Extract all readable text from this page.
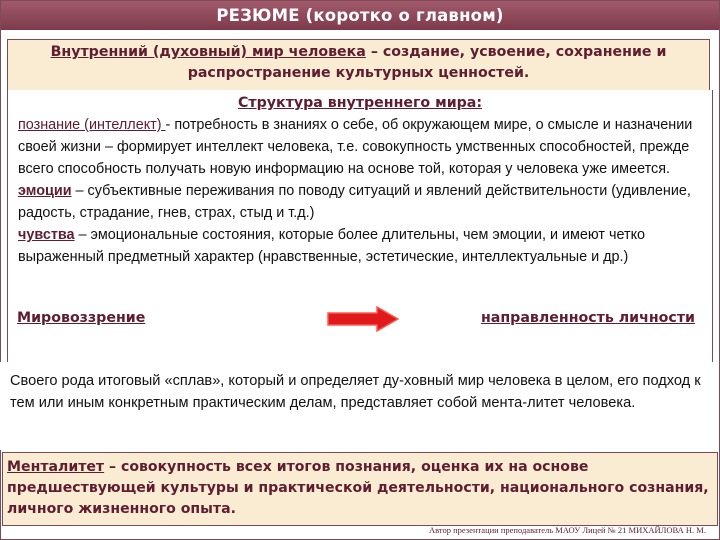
РЕЗЮМЕ (коротко о главном)
Внутренний (духовный) мир человека – создание, усвоение, сохранение и распространение культурных ценностей.
Структура внутреннего мира:
познание (интеллект) - потребность в знаниях о себе, об окружающем мире, о смысле и назначении своей жизни – формирует интеллект человека, т.е. совокупность умственных способностей, прежде всего способность получать новую информацию на основе той, которая у человека уже имеется.
эмоции – субъективные переживания по поводу ситуаций и явлений действительности (удивление, радость, страдание, гнев, страх, стыд и т.д.)
чувства – эмоциональные состояния, которые более длительны, чем эмоции, и имеют четко выраженный предметный характер (нравственные, эстетические, интеллектуальные и др.)
Мировоззрение	направленность личности
Своего рода итоговый «сплав», который и определяет ду-ховный мир человека в целом, его подход к тем или иным конкретным практическим делам, представляет собой мента-литет человека.
Менталитет – совокупность всех итогов познания, оценка их на основе предшествующей культуры и практической деятельности, национального сознания, личного жизненного опыта.
Автор презентации преподаватель МАОУ Лицей № 21 МИХАЙЛОВА Н. М.
